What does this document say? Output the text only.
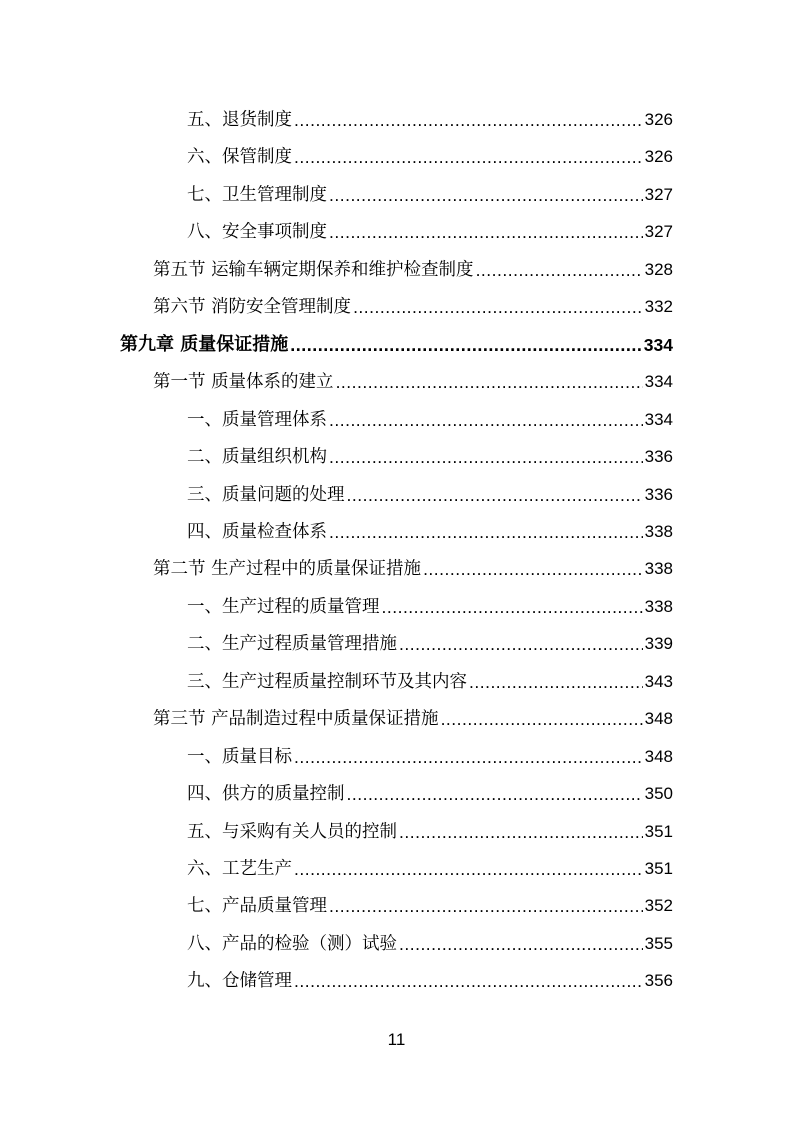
五、退货制度 .....	326
六、保管制度 .....	326
七、卫生管理制度 .....	327
八、安全事项制度 .....	327
第五节 运输车辆定期保养和维护检查制度 .....	328
第六节 消防安全管理制度 .....	332
第九章 质量保证措施 .....	334
第一节 质量体系的建立 .....	334
一、质量管理体系 .....	334
二、质量组织机构 .....	336
三、质量问题的处理 .....	336
四、质量检查体系 .....	338
第二节 生产过程中的质量保证措施 .....	338
一、生产过程的质量管理 .....	338
二、生产过程质量管理措施 .....	339
三、生产过程质量控制环节及其内容 .....	343
第三节 产品制造过程中质量保证措施 .....	348
一、质量目标 .....	348
四、供方的质量控制 .....	350
五、与采购有关人员的控制 .....	351
六、工艺生产 .....	351
七、产品质量管理 .....	352
八、产品的检验（测）试验 .....	355
九、仓储管理 .....	356
11
